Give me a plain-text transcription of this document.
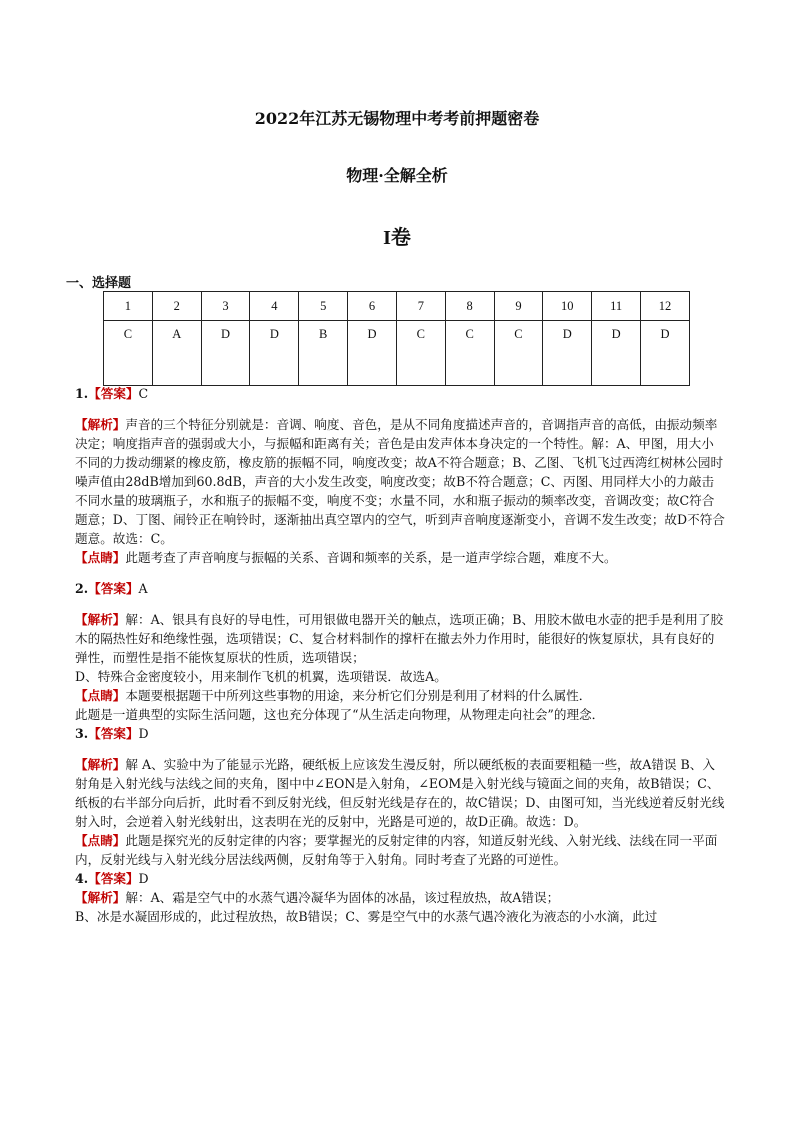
2022年江苏无锡物理中考考前押题密卷
物理·全解全析
I卷
一、选择题
1	2	3	4	5	6	7	8	9	10	11	12
C	A	D	D	B	D	C	C	C	D	D	D

1.【答案】C

【解析】声音的三个特征分别就是：音调、响度、音色，是从不同角度描述声音的，音调指声音的高低，由振动频率决定；响度指声音的强弱或大小，与振幅和距离有关；音色是由发声体本身决定的一个特性。解：A、甲图，用大小不同的力拨动绷紧的橡皮筋，橡皮筋的振幅不同，响度改变；故A不符合题意；B、乙图、飞机飞过西湾红树林公园时噪声值由28dB增加到60.8dB，声音的大小发生改变，响度改变；故B不符合题意；C、丙图、用同样大小的力敲击不同水量的玻璃瓶子，水和瓶子的振幅不变，响度不变；水量不同，水和瓶子振动的频率改变，音调改变；故C符合题意；D、丁图、闹铃正在响铃时，逐渐抽出真空罩内的空气，听到声音响度逐渐变小，音调不发生改变；故D不符合题意。故选：C。

【点睛】此题考查了声音响度与振幅的关系、音调和频率的关系，是一道声学综合题，难度不大。

2.【答案】A

【解析】解：A、银具有良好的导电性，可用银做电器开关的触点，选项正确；B、用胶木做电水壶的把手是利用了胶木的隔热性好和绝缘性强，选项错误；C、复合材料制作的撑杆在撤去外力作用时，能很好的恢复原状，具有良好的弹性，而塑性是指不能恢复原状的性质，选项错误；

D、特殊合金密度较小，用来制作飞机的机翼，选项错误．故选A。

【点睛】本题要根据题干中所列这些事物的用途，来分析它们分别是利用了材料的什么属性．

此题是一道典型的实际生活问题，这也充分体现了“从生活走向物理，从物理走向社会”的理念．

3.【答案】D

【解析】解 A、实验中为了能显示光路，硬纸板上应该发生漫反射，所以硬纸板的表面要粗糙一些，故A错误 B、入射角是入射光线与法线之间的夹角，图中中∠EON是入射角，∠EOM是入射光线与镜面之间的夹角，故B错误；C、纸板的右半部分向后折，此时看不到反射光线，但反射光线是存在的，故C错误；D、由图可知，当光线逆着反射光线射入时，会逆着入射光线射出，这表明在光的反射中，光路是可逆的，故D正确。故选：D。

【点睛】此题是探究光的反射定律的内容；要掌握光的反射定律的内容，知道反射光线、入射光线、法线在同一平面内，反射光线与入射光线分居法线两侧，反射角等于入射角。同时考查了光路的可逆性。

4.【答案】D

【解析】解：A、霜是空气中的水蒸气遇冷凝华为固体的冰晶，该过程放热，故A错误；

B、冰是水凝固形成的，此过程放热，故B错误；C、雾是空气中的水蒸气遇冷液化为液态的小水滴，此过
